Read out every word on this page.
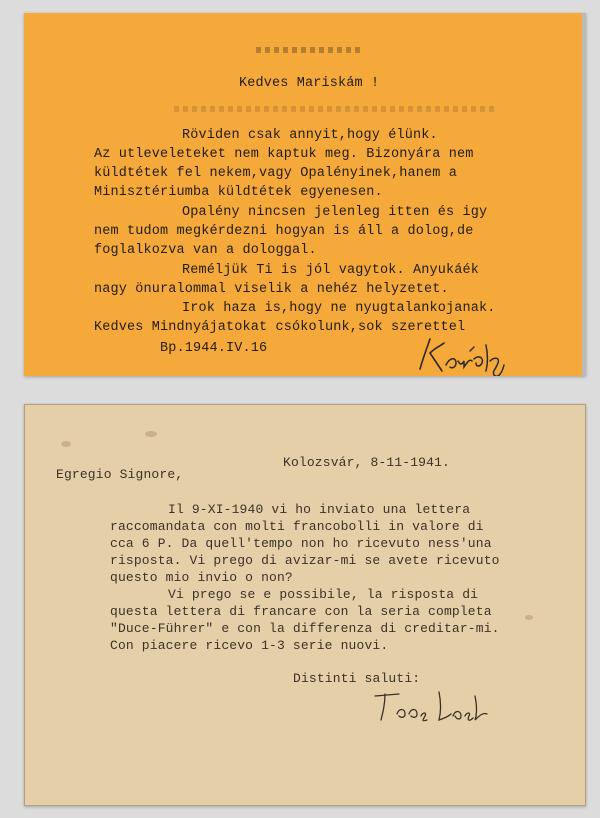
Kedves Mariskám !
Röviden csak annyit,hogy élünk.
Az utleveleteket nem kaptuk meg. Bizonyára nem
küldtétek fel nekem,vagy Opalényinek,hanem a
Minisztériumba küldtétek egyenesen.
Opalény nincsen jelenleg itten és igy
nem tudom megkérdezni hogyan is áll a dolog,de
foglalkozva van a dologgal.
Reméljük Ti is jól vagytok. Anyukáék
nagy önuralommal viselik a nehéz helyzetet.
Irok haza is,hogy ne nyugtalankojanak.
Kedves Mindnyájatokat csókolunk,sok szerettel
Bp.1944.IV.16
Kolozsvár, 8-11-1941.
Egregio Signore,
Il 9-XI-1940 vi ho inviato una lettera
raccomandata con molti francobolli in valore di
cca 6 P. Da quell'tempo non ho ricevuto ness'una
risposta. Vi prego di avizar-mi se avete ricevuto
questo mio invio o non?
Vi prego se e possibile, la risposta di
questa lettera di francare con la seria completa
"Duce-Führer" e con la differenza di creditar-mi.
Con piacere ricevo 1-3 serie nuovi.
Distinti saluti:
